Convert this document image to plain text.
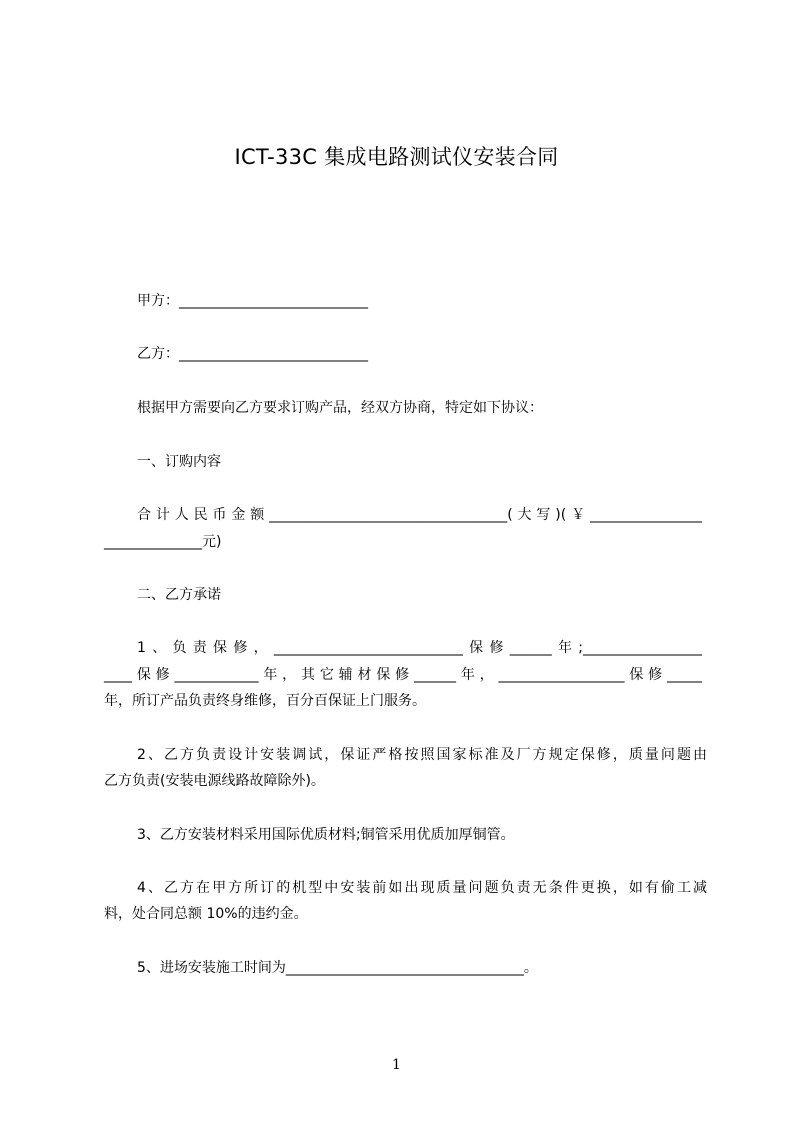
ICT-33C 集成电路测试仪安装合同
甲方：___________________________
乙方：___________________________
根据甲方需要向乙方要求订购产品，经双方协商，特定如下协议：
一、订购内容
合计人民币金额__________________________________(大写)(￥________________
______________元)
二、乙方承诺
1、负责保修，___________________________保修______年;_________________
____保修____________年，其它辅材保修______年，__________________保修_____
年，所订产品负责终身维修，百分百保证上门服务。
2、乙方负责设计安装调试，保证严格按照国家标准及厂方规定保修，质量问题由
乙方负责(安装电源线路故障除外)。
3、乙方安装材料采用国际优质材料;铜管采用优质加厚铜管。
4、乙方在甲方所订的机型中安装前如出现质量问题负责无条件更换，如有偷工减
料，处合同总额 10%的违约金。
5、进场安装施工时间为__________________________________。
1
